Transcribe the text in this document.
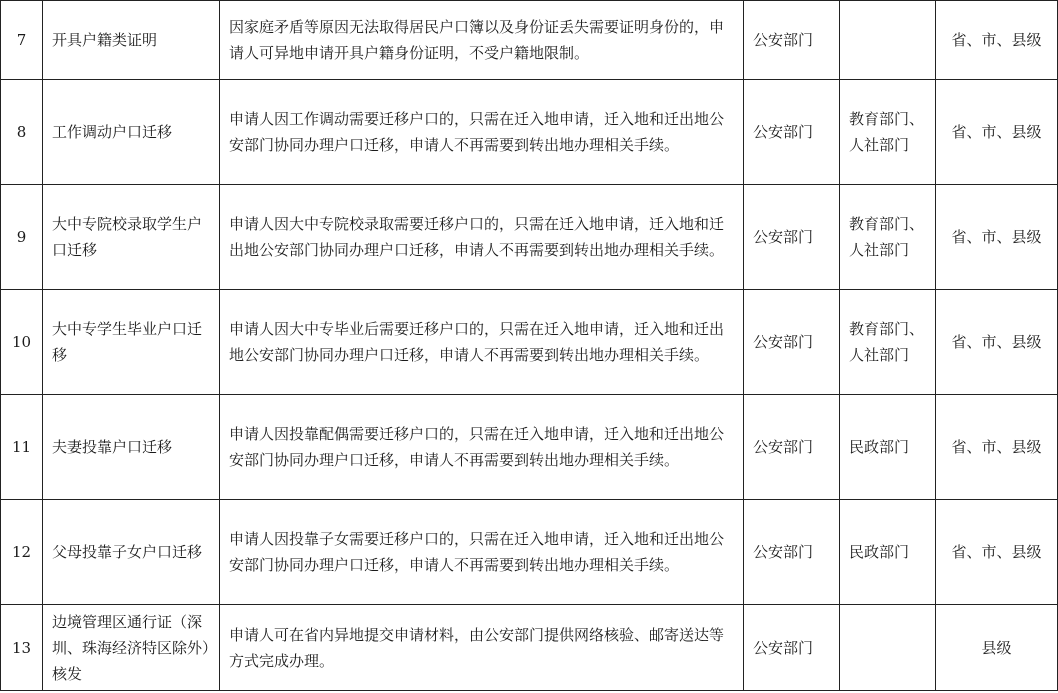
7	开具户籍类证明	因家庭矛盾等原因无法取得居民户口簿以及身份证丢失需要证明身份的，申请人可异地申请开具户籍身份证明，不受户籍地限制。	公安部门		省、市、县级
8	工作调动户口迁移	申请人因工作调动需要迁移户口的，只需在迁入地申请，迁入地和迁出地公安部门协同办理户口迁移，申请人不再需要到转出地办理相关手续。	公安部门	教育部门、人社部门	省、市、县级
9	大中专院校录取学生户口迁移	申请人因大中专院校录取需要迁移户口的，只需在迁入地申请，迁入地和迁出地公安部门协同办理户口迁移，申请人不再需要到转出地办理相关手续。	公安部门	教育部门、人社部门	省、市、县级
10	大中专学生毕业户口迁移	申请人因大中专毕业后需要迁移户口的，只需在迁入地申请，迁入地和迁出地公安部门协同办理户口迁移，申请人不再需要到转出地办理相关手续。	公安部门	教育部门、人社部门	省、市、县级
11	夫妻投靠户口迁移	申请人因投靠配偶需要迁移户口的，只需在迁入地申请，迁入地和迁出地公安部门协同办理户口迁移，申请人不再需要到转出地办理相关手续。	公安部门	民政部门	省、市、县级
12	父母投靠子女户口迁移	申请人因投靠子女需要迁移户口的，只需在迁入地申请，迁入地和迁出地公安部门协同办理户口迁移，申请人不再需要到转出地办理相关手续。	公安部门	民政部门	省、市、县级
13	边境管理区通行证（深圳、珠海经济特区除外）核发	申请人可在省内异地提交申请材料，由公安部门提供网络核验、邮寄送达等方式完成办理。	公安部门		县级
